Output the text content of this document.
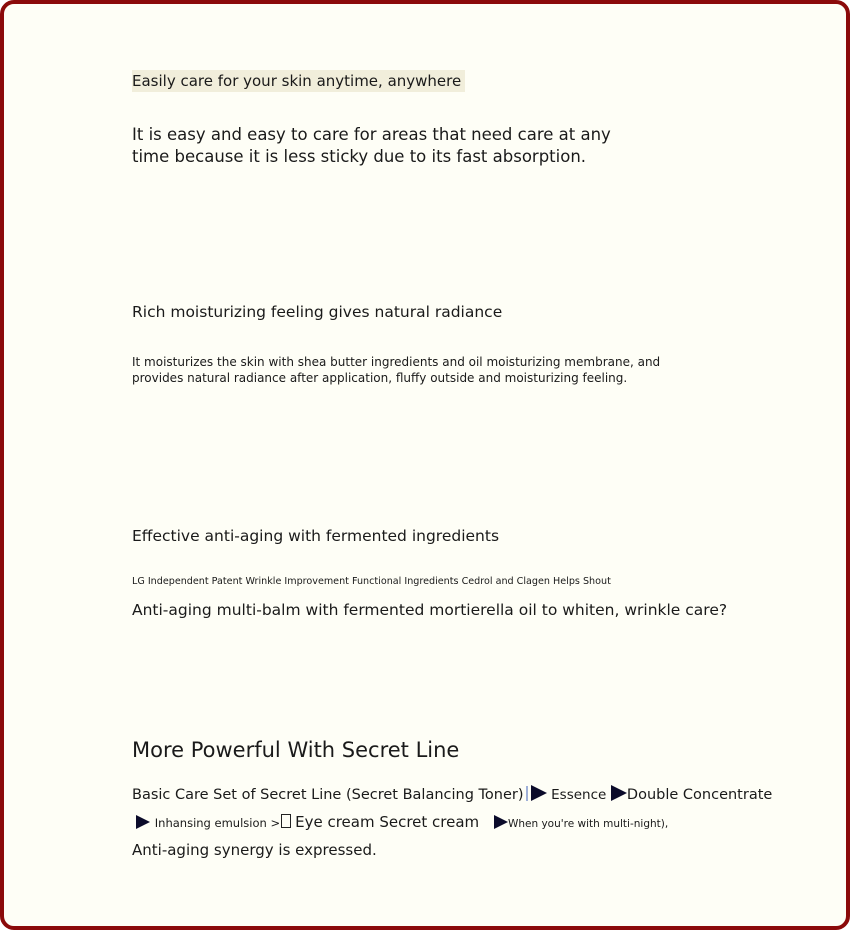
Easily care for your skin anytime, anywhere

It is easy and easy to care for areas that need care at any

time because it is less sticky due to its fast absorption.

Rich moisturizing feeling gives natural radiance

It moisturizes the skin with shea butter ingredients and oil moisturizing membrane, and

provides natural radiance after application, fluffy outside and moisturizing feeling.

Effective anti-aging with fermented ingredients

LG Independent Patent Wrinkle Improvement Functional Ingredients Cedrol and Clagen Helps Shout

Anti-aging multi-balm with fermented mortierella oil to whiten, wrinkle care?

More Powerful With Secret Line

Basic Care Set of Secret Line (Secret Balancing Toner) Essence Double Concentrate

Inhansing emulsion > Eye cream Secret cream	When you're with multi-night),

Anti-aging synergy is expressed.
